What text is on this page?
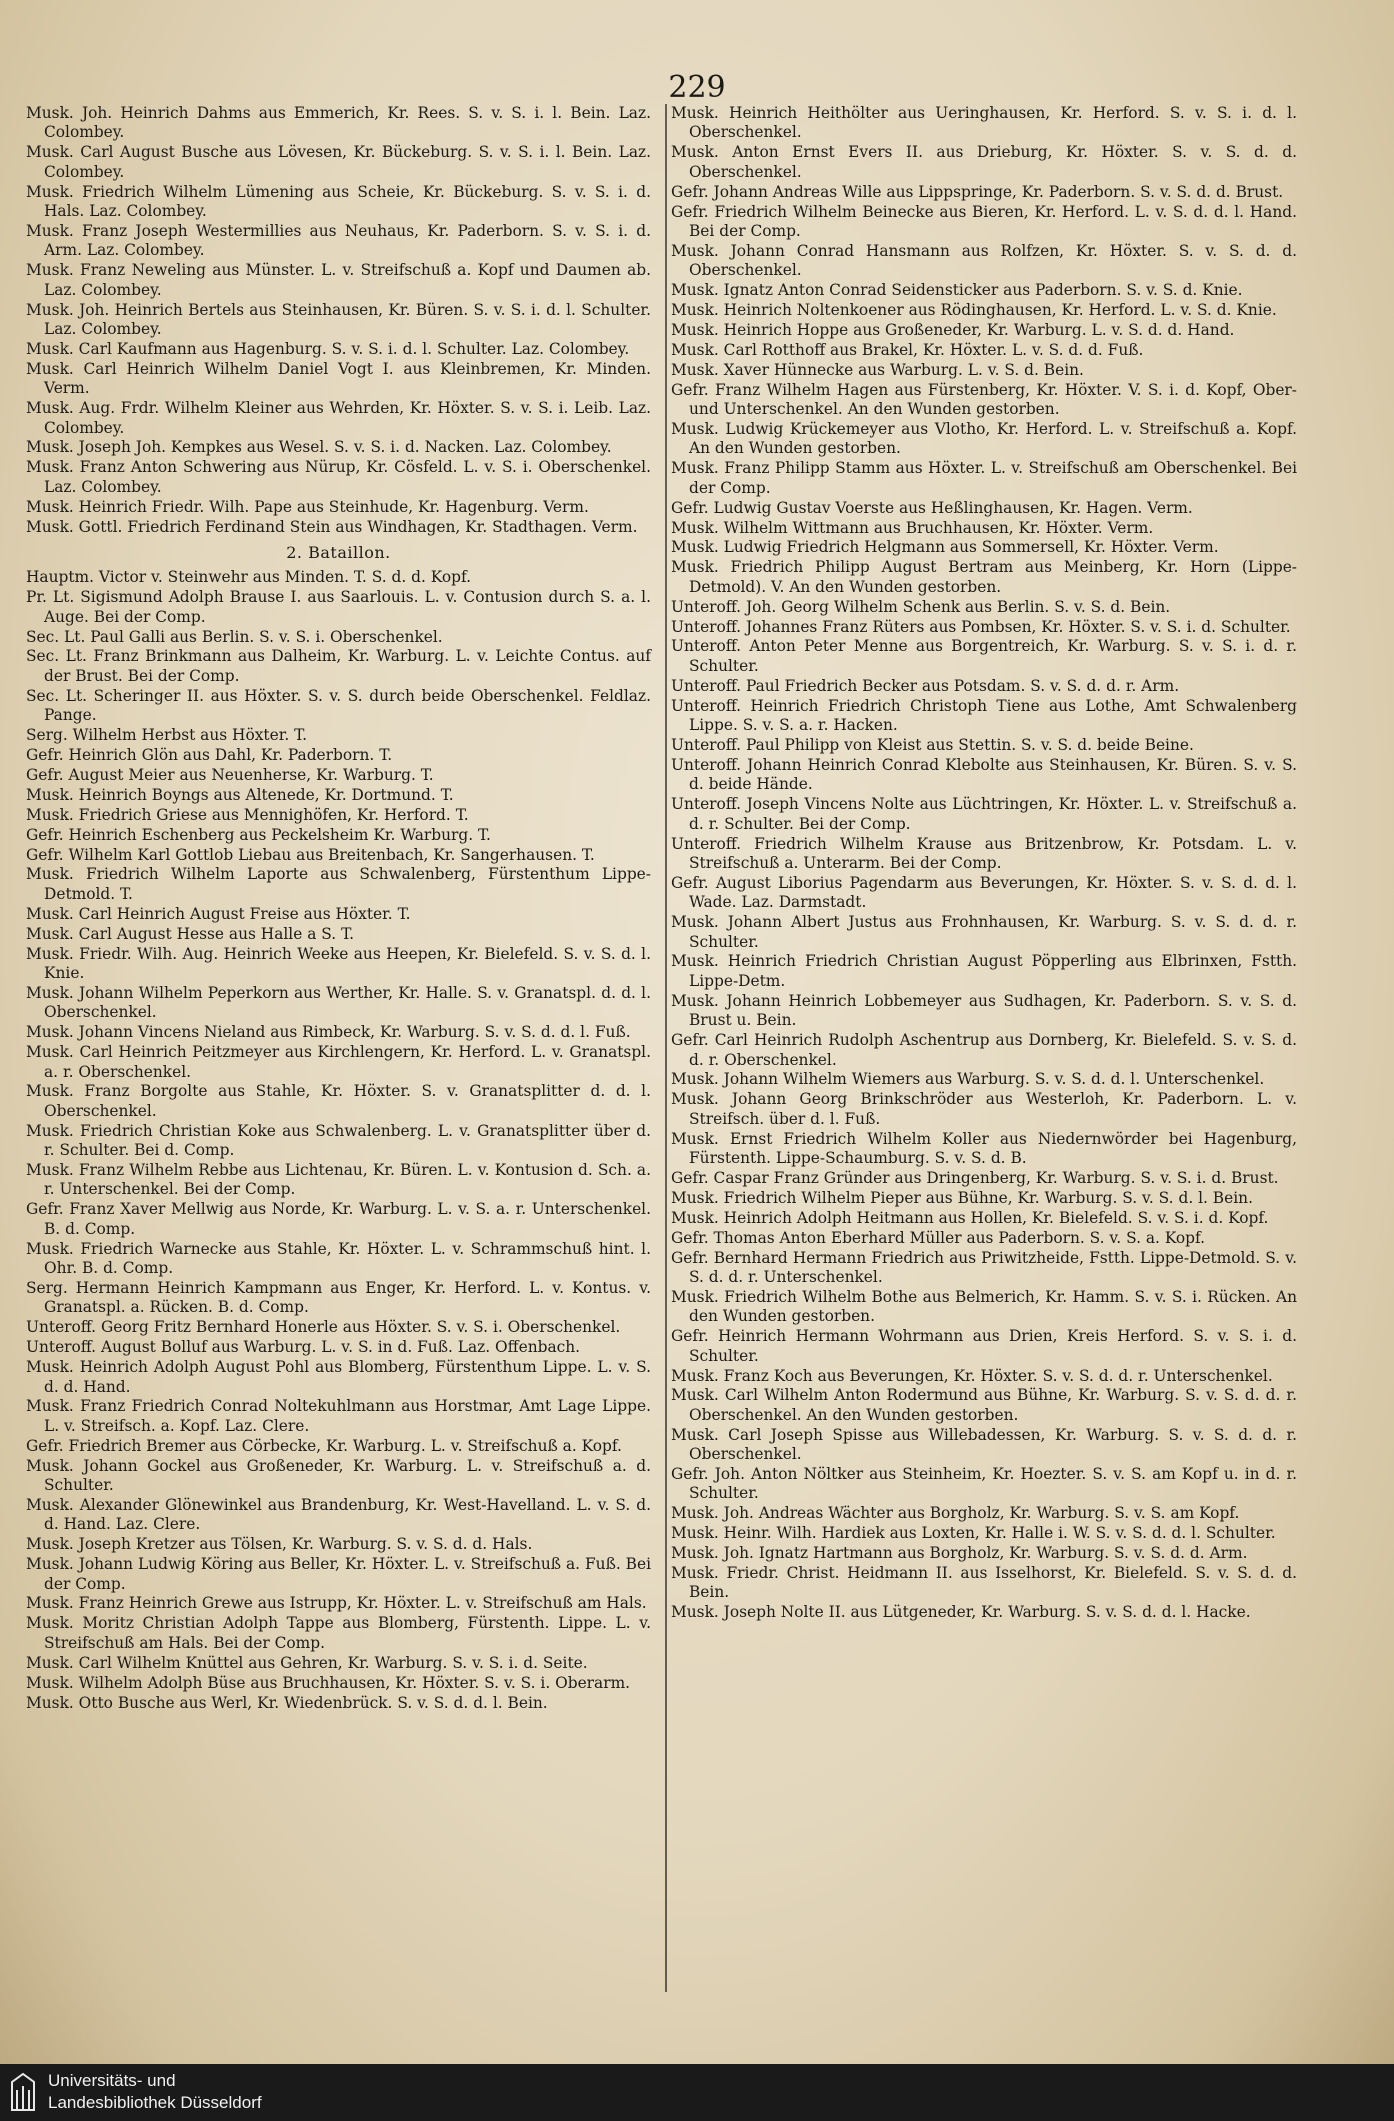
229
Musk. Joh. Heinrich Dahms aus Emmerich, Kr. Rees. S. v. S. i. l. Bein. Laz. Colombey.
Musk. Carl August Busche aus Lövesen, Kr. Bückeburg. S. v. S. i. l. Bein. Laz. Colombey.
Musk. Friedrich Wilhelm Lümening aus Scheie, Kr. Bückeburg. S. v. S. i. d. Hals. Laz. Colombey.
Musk. Franz Joseph Westermillies aus Neuhaus, Kr. Paderborn. S. v. S. i. d. Arm. Laz. Colombey.
Musk. Franz Neweling aus Münster. L. v. Streifschuß a. Kopf und Daumen ab. Laz. Colombey.
Musk. Joh. Heinrich Bertels aus Steinhausen, Kr. Büren. S. v. S. i. d. l. Schulter. Laz. Colombey.
Musk. Carl Kaufmann aus Hagenburg. S. v. S. i. d. l. Schulter. Laz. Colombey.
Musk. Carl Heinrich Wilhelm Daniel Vogt I. aus Kleinbremen, Kr. Minden. Verm.
Musk. Aug. Frdr. Wilhelm Kleiner aus Wehrden, Kr. Höxter. S. v. S. i. Leib. Laz. Colombey.
Musk. Joseph Joh. Kempkes aus Wesel. S. v. S. i. d. Nacken. Laz. Colombey.
Musk. Franz Anton Schwering aus Nürup, Kr. Cösfeld. L. v. S. i. Oberschenkel. Laz. Colombey.
Musk. Heinrich Friedr. Wilh. Pape aus Steinhude, Kr. Hagenburg. Verm.
Musk. Gottl. Friedrich Ferdinand Stein aus Windhagen, Kr. Stadthagen. Verm.
2. Bataillon.
Hauptm. Victor v. Steinwehr aus Minden. T. S. d. d. Kopf.
Pr. Lt. Sigismund Adolph Brause I. aus Saarlouis. L. v. Contusion durch S. a. l. Auge. Bei der Comp.
Sec. Lt. Paul Galli aus Berlin. S. v. S. i. Oberschenkel.
Sec. Lt. Franz Brinkmann aus Dalheim, Kr. Warburg. L. v. Leichte Contus. auf der Brust. Bei der Comp.
Sec. Lt. Scheringer II. aus Höxter. S. v. S. durch beide Oberschenkel. Feldlaz. Pange.
Serg. Wilhelm Herbst aus Höxter. T.
Gefr. Heinrich Glön aus Dahl, Kr. Paderborn. T.
Gefr. August Meier aus Neuenherse, Kr. Warburg. T.
Musk. Heinrich Boyngs aus Altenede, Kr. Dortmund. T.
Musk. Friedrich Griese aus Mennighöfen, Kr. Herford. T.
Gefr. Heinrich Eschenberg aus Peckelsheim Kr. Warburg. T.
Gefr. Wilhelm Karl Gottlob Liebau aus Breitenbach, Kr. Sangerhausen. T.
Musk. Friedrich Wilhelm Laporte aus Schwalenberg, Fürstenthum Lippe-Detmold. T.
Musk. Carl Heinrich August Freise aus Höxter. T.
Musk. Carl August Hesse aus Halle a S. T.
Musk. Friedr. Wilh. Aug. Heinrich Weeke aus Heepen, Kr. Bielefeld. S. v. S. d. l. Knie.
Musk. Johann Wilhelm Peperkorn aus Werther, Kr. Halle. S. v. Granatspl. d. d. l. Oberschenkel.
Musk. Johann Vincens Nieland aus Rimbeck, Kr. Warburg. S. v. S. d. d. l. Fuß.
Musk. Carl Heinrich Peitzmeyer aus Kirchlengern, Kr. Herford. L. v. Granatspl. a. r. Oberschenkel.
Musk. Franz Borgolte aus Stahle, Kr. Höxter. S. v. Granatsplitter d. d. l. Oberschenkel.
Musk. Friedrich Christian Koke aus Schwalenberg. L. v. Granatsplitter über d. r. Schulter. Bei d. Comp.
Musk. Franz Wilhelm Rebbe aus Lichtenau, Kr. Büren. L. v. Kontusion d. Sch. a. r. Unterschenkel. Bei der Comp.
Gefr. Franz Xaver Mellwig aus Norde, Kr. Warburg. L. v. S. a. r. Unterschenkel. B. d. Comp.
Musk. Friedrich Warnecke aus Stahle, Kr. Höxter. L. v. Schrammschuß hint. l. Ohr. B. d. Comp.
Serg. Hermann Heinrich Kampmann aus Enger, Kr. Herford. L. v. Kontus. v. Granatspl. a. Rücken. B. d. Comp.
Unteroff. Georg Fritz Bernhard Honerle aus Höxter. S. v. S. i. Oberschenkel.
Unteroff. August Bolluf aus Warburg. L. v. S. in d. Fuß. Laz. Offenbach.
Musk. Heinrich Adolph August Pohl aus Blomberg, Fürstenthum Lippe. L. v. S. d. d. Hand.
Musk. Franz Friedrich Conrad Noltekuhlmann aus Horstmar, Amt Lage Lippe. L. v. Streifsch. a. Kopf. Laz. Clere.
Gefr. Friedrich Bremer aus Cörbecke, Kr. Warburg. L. v. Streifschuß a. Kopf.
Musk. Johann Gockel aus Großeneder, Kr. Warburg. L. v. Streifschuß a. d. Schulter.
Musk. Alexander Glönewinkel aus Brandenburg, Kr. West-Havelland. L. v. S. d. d. Hand. Laz. Clere.
Musk. Joseph Kretzer aus Tölsen, Kr. Warburg. S. v. S. d. d. Hals.
Musk. Johann Ludwig Köring aus Beller, Kr. Höxter. L. v. Streifschuß a. Fuß. Bei der Comp.
Musk. Franz Heinrich Grewe aus Istrupp, Kr. Höxter. L. v. Streifschuß am Hals.
Musk. Moritz Christian Adolph Tappe aus Blomberg, Fürstenth. Lippe. L. v. Streifschuß am Hals. Bei der Comp.
Musk. Carl Wilhelm Knüttel aus Gehren, Kr. Warburg. S. v. S. i. d. Seite.
Musk. Wilhelm Adolph Büse aus Bruchhausen, Kr. Höxter. S. v. S. i. Oberarm.
Musk. Otto Busche aus Werl, Kr. Wiedenbrück. S. v. S. d. d. l. Bein.
Musk. Heinrich Heithölter aus Ueringhausen, Kr. Herford. S. v. S. i. d. l. Oberschenkel.
Musk. Anton Ernst Evers II. aus Drieburg, Kr. Höxter. S. v. S. d. d. Oberschenkel.
Gefr. Johann Andreas Wille aus Lippspringe, Kr. Paderborn. S. v. S. d. d. Brust.
Gefr. Friedrich Wilhelm Beinecke aus Bieren, Kr. Herford. L. v. S. d. d. l. Hand. Bei der Comp.
Musk. Johann Conrad Hansmann aus Rolfzen, Kr. Höxter. S. v. S. d. d. Oberschenkel.
Musk. Ignatz Anton Conrad Seidensticker aus Paderborn. S. v. S. d. Knie.
Musk. Heinrich Noltenkoener aus Rödinghausen, Kr. Herford. L. v. S. d. Knie.
Musk. Heinrich Hoppe aus Großeneder, Kr. Warburg. L. v. S. d. d. Hand.
Musk. Carl Rotthoff aus Brakel, Kr. Höxter. L. v. S. d. d. Fuß.
Musk. Xaver Hünnecke aus Warburg. L. v. S. d. Bein.
Gefr. Franz Wilhelm Hagen aus Fürstenberg, Kr. Höxter. V. S. i. d. Kopf, Ober- und Unterschenkel. An den Wunden gestorben.
Musk. Ludwig Krückemeyer aus Vlotho, Kr. Herford. L. v. Streifschuß a. Kopf. An den Wunden gestorben.
Musk. Franz Philipp Stamm aus Höxter. L. v. Streifschuß am Oberschenkel. Bei der Comp.
Gefr. Ludwig Gustav Voerste aus Heßlinghausen, Kr. Hagen. Verm.
Musk. Wilhelm Wittmann aus Bruchhausen, Kr. Höxter. Verm.
Musk. Ludwig Friedrich Helgmann aus Sommersell, Kr. Höxter. Verm.
Musk. Friedrich Philipp August Bertram aus Meinberg, Kr. Horn (Lippe-Detmold). V. An den Wunden gestorben.
Unteroff. Joh. Georg Wilhelm Schenk aus Berlin. S. v. S. d. Bein.
Unteroff. Johannes Franz Rüters aus Pombsen, Kr. Höxter. S. v. S. i. d. Schulter.
Unteroff. Anton Peter Menne aus Borgentreich, Kr. Warburg. S. v. S. i. d. r. Schulter.
Unteroff. Paul Friedrich Becker aus Potsdam. S. v. S. d. d. r. Arm.
Unteroff. Heinrich Friedrich Christoph Tiene aus Lothe, Amt Schwalenberg Lippe. S. v. S. a. r. Hacken.
Unteroff. Paul Philipp von Kleist aus Stettin. S. v. S. d. beide Beine.
Unteroff. Johann Heinrich Conrad Klebolte aus Steinhausen, Kr. Büren. S. v. S. d. beide Hände.
Unteroff. Joseph Vincens Nolte aus Lüchtringen, Kr. Höxter. L. v. Streifschuß a. d. r. Schulter. Bei der Comp.
Unteroff. Friedrich Wilhelm Krause aus Britzenbrow, Kr. Potsdam. L. v. Streifschuß a. Unterarm. Bei der Comp.
Gefr. August Liborius Pagendarm aus Beverungen, Kr. Höxter. S. v. S. d. d. l. Wade. Laz. Darmstadt.
Musk. Johann Albert Justus aus Frohnhausen, Kr. Warburg. S. v. S. d. d. r. Schulter.
Musk. Heinrich Friedrich Christian August Pöpperling aus Elbrinxen, Fstth. Lippe-Detm.
Musk. Johann Heinrich Lobbemeyer aus Sudhagen, Kr. Paderborn. S. v. S. d. Brust u. Bein.
Gefr. Carl Heinrich Rudolph Aschentrup aus Dornberg, Kr. Bielefeld. S. v. S. d. d. r. Oberschenkel.
Musk. Johann Wilhelm Wiemers aus Warburg. S. v. S. d. d. l. Unterschenkel.
Musk. Johann Georg Brinkschröder aus Westerloh, Kr. Paderborn. L. v. Streifsch. über d. l. Fuß.
Musk. Ernst Friedrich Wilhelm Koller aus Niedernwörder bei Hagenburg, Fürstenth. Lippe-Schaumburg. S. v. S. d. B.
Gefr. Caspar Franz Gründer aus Dringenberg, Kr. Warburg. S. v. S. i. d. Brust.
Musk. Friedrich Wilhelm Pieper aus Bühne, Kr. Warburg. S. v. S. d. l. Bein.
Musk. Heinrich Adolph Heitmann aus Hollen, Kr. Bielefeld. S. v. S. i. d. Kopf.
Gefr. Thomas Anton Eberhard Müller aus Paderborn. S. v. S. a. Kopf.
Gefr. Bernhard Hermann Friedrich aus Priwitzheide, Fstth. Lippe-Detmold. S. v. S. d. d. r. Unterschenkel.
Musk. Friedrich Wilhelm Bothe aus Belmerich, Kr. Hamm. S. v. S. i. Rücken. An den Wunden gestorben.
Gefr. Heinrich Hermann Wohrmann aus Drien, Kreis Herford. S. v. S. i. d. Schulter.
Musk. Franz Koch aus Beverungen, Kr. Höxter. S. v. S. d. d. r. Unterschenkel.
Musk. Carl Wilhelm Anton Rodermund aus Bühne, Kr. Warburg. S. v. S. d. d. r. Oberschenkel. An den Wunden gestorben.
Musk. Carl Joseph Spisse aus Willebadessen, Kr. Warburg. S. v. S. d. d. r. Oberschenkel.
Gefr. Joh. Anton Nöltker aus Steinheim, Kr. Hoezter. S. v. S. am Kopf u. in d. r. Schulter.
Musk. Joh. Andreas Wächter aus Borgholz, Kr. Warburg. S. v. S. am Kopf.
Musk. Heinr. Wilh. Hardiek aus Loxten, Kr. Halle i. W. S. v. S. d. d. l. Schulter.
Musk. Joh. Ignatz Hartmann aus Borgholz, Kr. Warburg. S. v. S. d. d. Arm.
Musk. Friedr. Christ. Heidmann II. aus Isselhorst, Kr. Bielefeld. S. v. S. d. d. Bein.
Musk. Joseph Nolte II. aus Lütgeneder, Kr. Warburg. S. v. S. d. d. l. Hacke.
Universitäts- und
Landesbibliothek Düsseldorf
